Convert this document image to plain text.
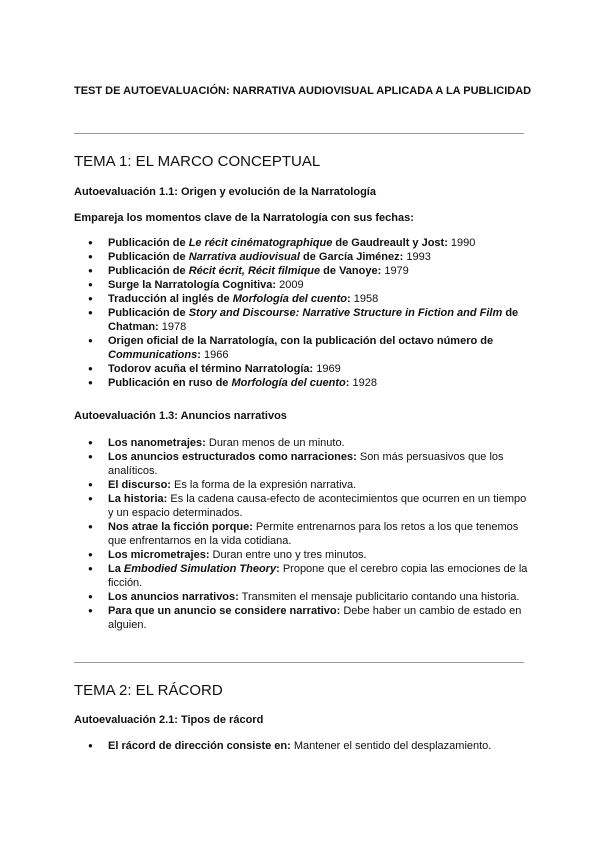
TEST DE AUTOEVALUACIÓN: NARRATIVA AUDIOVISUAL APLICADA A LA PUBLICIDAD
TEMA 1: EL MARCO CONCEPTUAL
Autoevaluación 1.1: Origen y evolución de la Narratología
Empareja los momentos clave de la Narratología con sus fechas:
● Publicación de Le récit cinématographique de Gaudreault y Jost: 1990
● Publicación de Narrativa audiovisual de García Jiménez: 1993
● Publicación de Récit écrit, Récit filmique de Vanoye: 1979
● Surge la Narratología Cognitiva: 2009
● Traducción al inglés de Morfología del cuento: 1958
● Publicación de Story and Discourse: Narrative Structure in Fiction and Film de Chatman: 1978
● Origen oficial de la Narratología, con la publicación del octavo número de Communications: 1966
● Todorov acuña el término Narratología: 1969
● Publicación en ruso de Morfología del cuento: 1928
Autoevaluación 1.3: Anuncios narrativos
● Los nanometrajes: Duran menos de un minuto.
● Los anuncios estructurados como narraciones: Son más persuasivos que los analíticos.
● El discurso: Es la forma de la expresión narrativa.
● La historia: Es la cadena causa-efecto de acontecimientos que ocurren en un tiempo y un espacio determinados.
● Nos atrae la ficción porque: Permite entrenarnos para los retos a los que tenemos que enfrentarnos en la vida cotidiana.
● Los micrometrajes: Duran entre uno y tres minutos.
● La Embodied Simulation Theory: Propone que el cerebro copia las emociones de la ficción.
● Los anuncios narrativos: Transmiten el mensaje publicitario contando una historia.
● Para que un anuncio se considere narrativo: Debe haber un cambio de estado en alguien.
TEMA 2: EL RÁCORD
Autoevaluación 2.1: Tipos de rácord
● El rácord de dirección consiste en: Mantener el sentido del desplazamiento.
